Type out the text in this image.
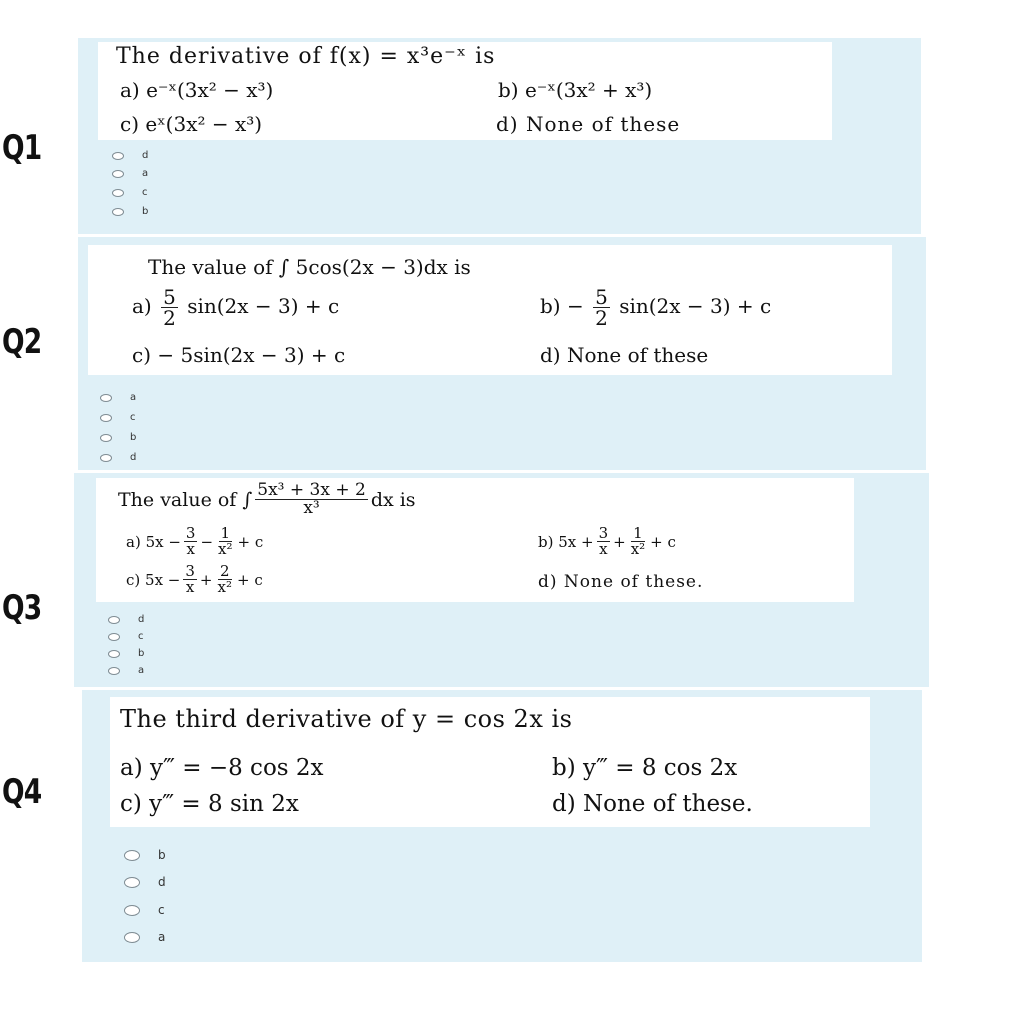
Q1
The derivative of f(x) = x³e⁻ˣ is
a) e⁻ˣ(3x² − x³)	b) e⁻ˣ(3x² + x³)
c) eˣ(3x² − x³)	d) None of these
d
a
c
b
Q2
The value of ∫ 5cos(2x − 3)dx is
$a) \frac{5}{2} \sin(2x - 3) + c$	$b) - \frac{5}{2} \sin(2x - 3) + c$
c) − 5sin(2x − 3) + c	d) None of these
a
c
b
d
Q3
The value of ∫ $\frac{\text{5x³ + 3x + 2}}{\text{x³}}$ dx is
a) $5x - \frac{3}{x} - \frac{1}{\text{x²}} + c$	b) $5x + \frac{3}{x} + \frac{1}{\text{x²}} + c$
c) $5x - \frac{3}{x} + \frac{2}{\text{x²}} + c$	d) None of these.
d
c
b
a
Q4
The third derivative of y = cos 2x is
a) y‴ = −8 cos 2x	b) y‴ = 8 cos 2x
c) y‴ = 8 sin 2x	d) None of these.
b
d
c
a
